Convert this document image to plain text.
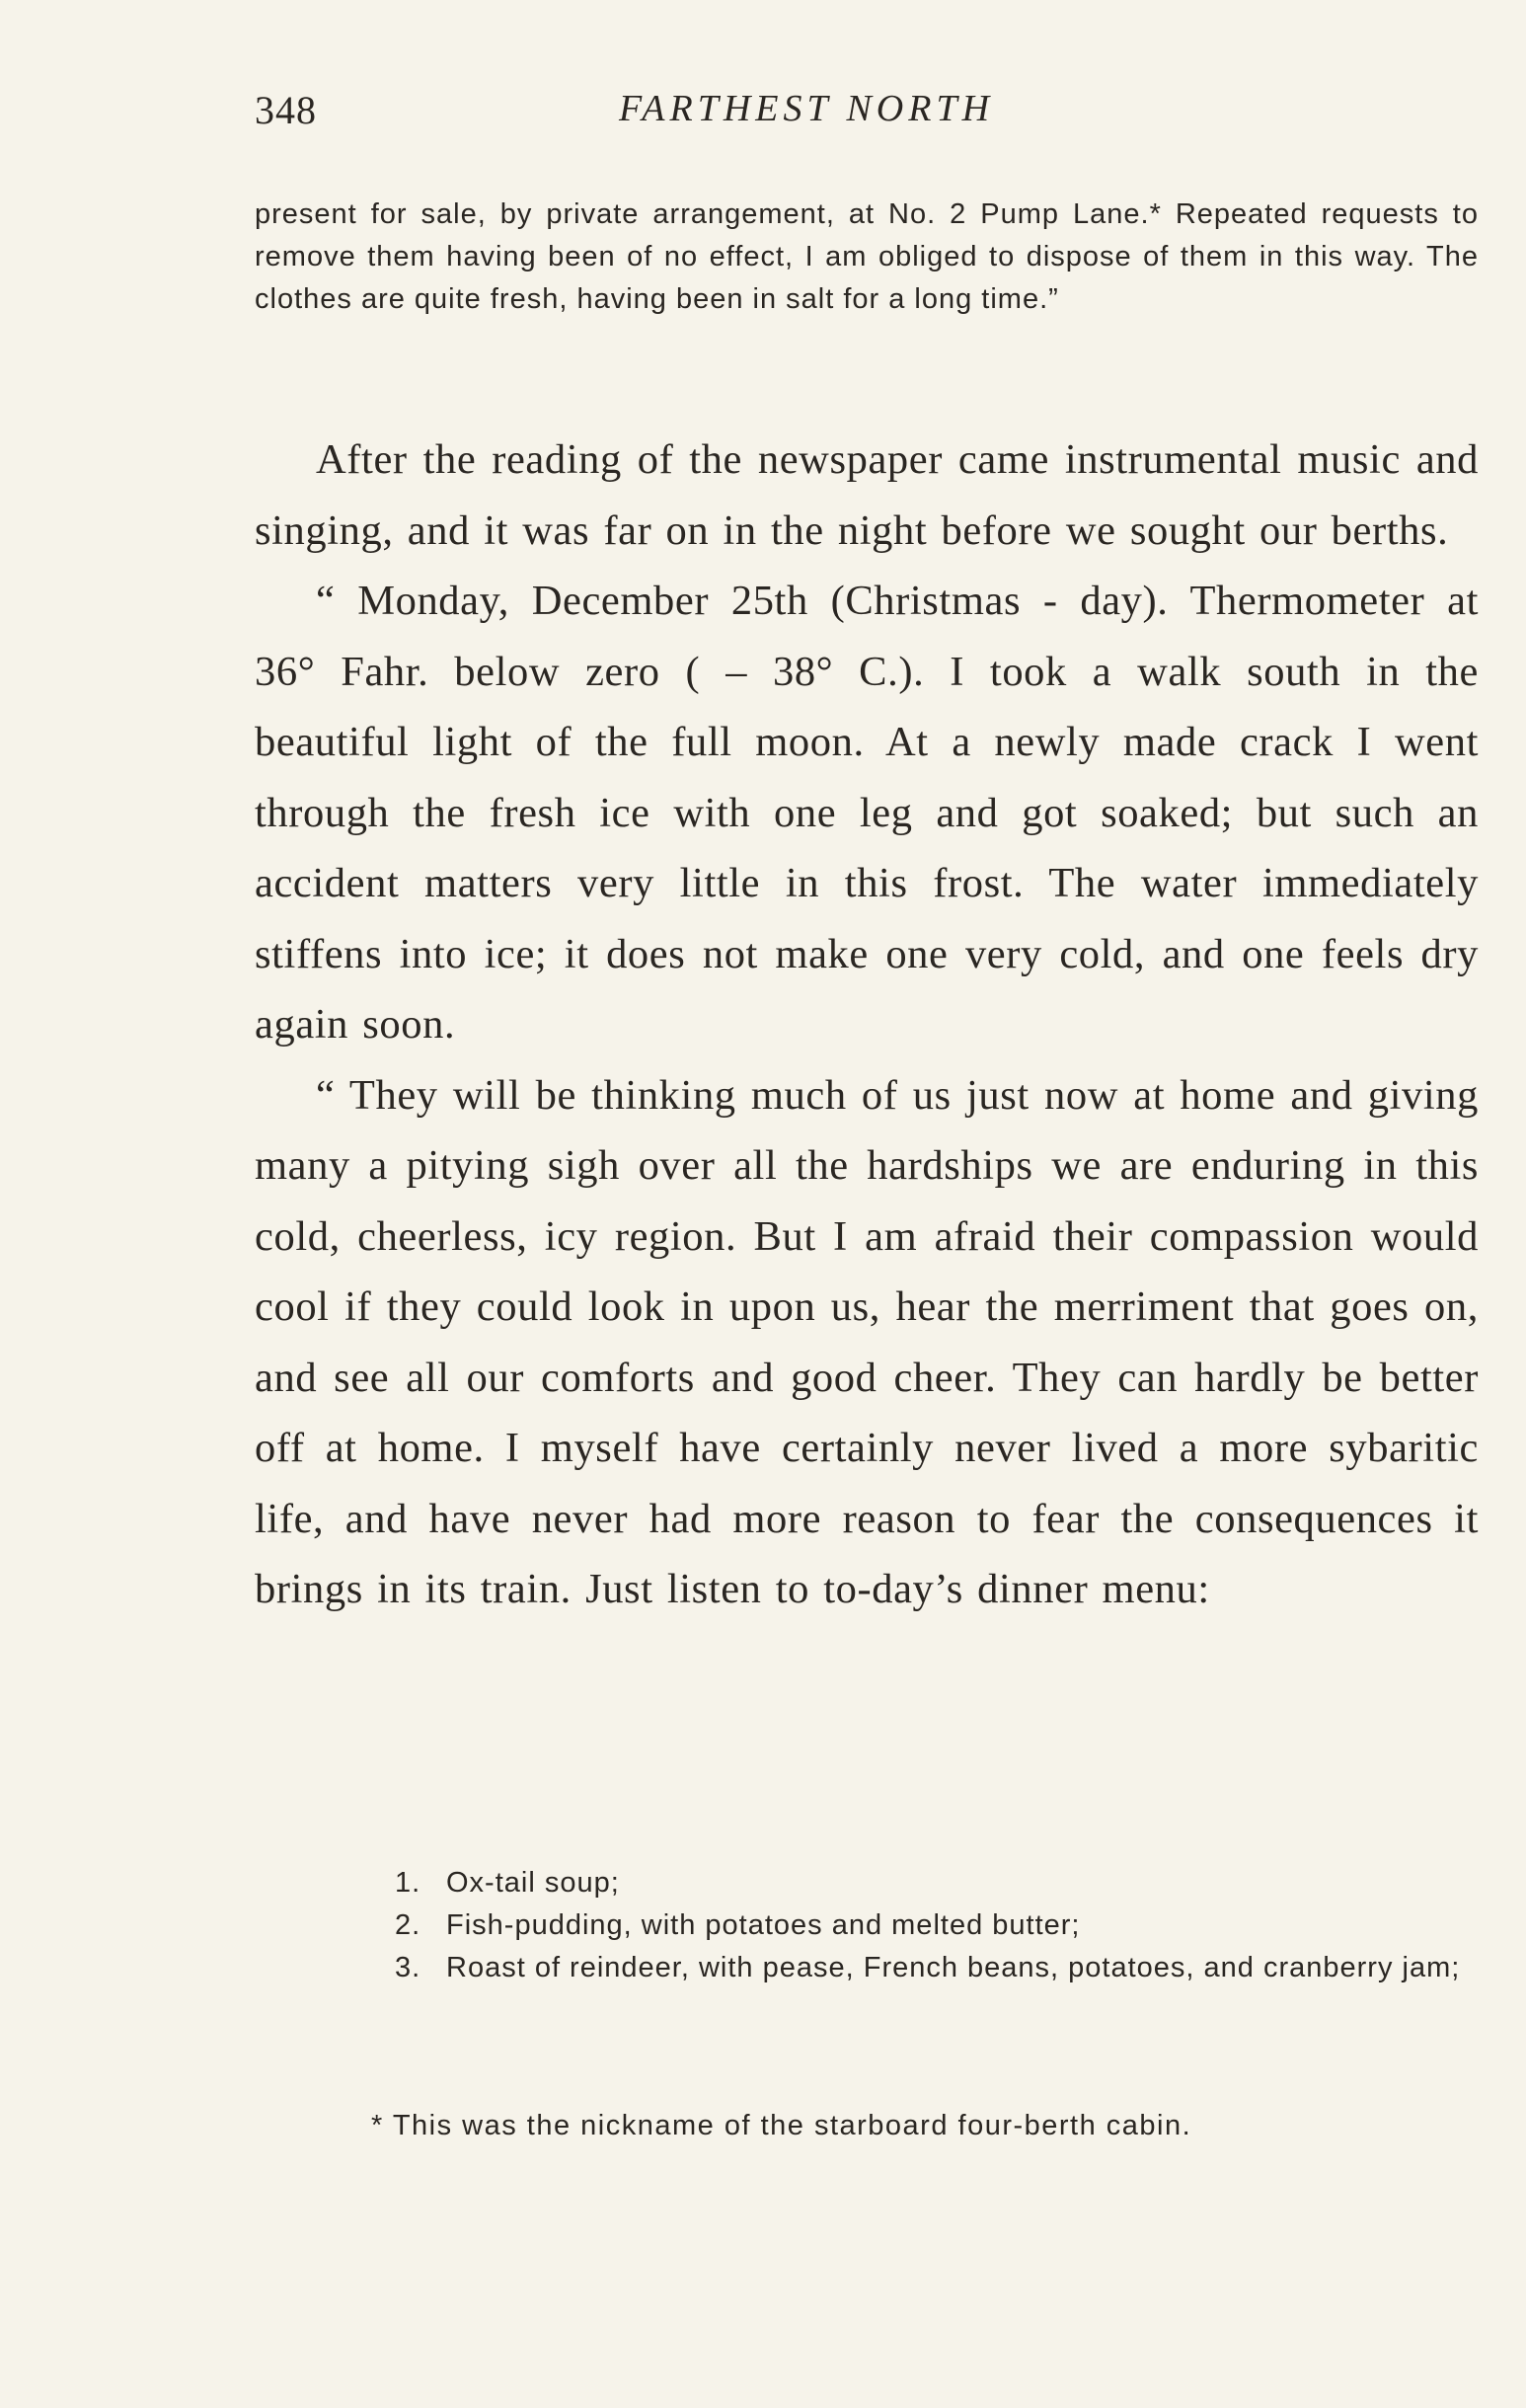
348	FARTHEST NORTH

present for sale, by private arrangement, at No. 2 Pump Lane.* Repeated requests to remove them having been of no effect, I am obliged to dispose of them in this way. The clothes are quite fresh, having been in salt for a long time.”

After the reading of the newspaper came instrumental music and singing, and it was far on in the night before we sought our berths.

“ Monday, December 25th (Christmas - day). Thermometer at 36° Fahr. below zero ( – 38° C.). I took a walk south in the beautiful light of the full moon. At a newly made crack I went through the fresh ice with one leg and got soaked; but such an accident matters very little in this frost. The water immediately stiffens into ice; it does not make one very cold, and one feels dry again soon.

“ They will be thinking much of us just now at home and giving many a pitying sigh over all the hardships we are enduring in this cold, cheerless, icy region. But I am afraid their compassion would cool if they could look in upon us, hear the merriment that goes on, and see all our comforts and good cheer. They can hardly be better off at home. I myself have certainly never lived a more sybaritic life, and have never had more reason to fear the consequences it brings in its train. Just listen to to-day’s dinner menu:

1. Ox-tail soup;
2. Fish-pudding, with potatoes and melted butter;
3. Roast of reindeer, with pease, French beans, potatoes, and cranberry jam;

* This was the nickname of the starboard four-berth cabin.
